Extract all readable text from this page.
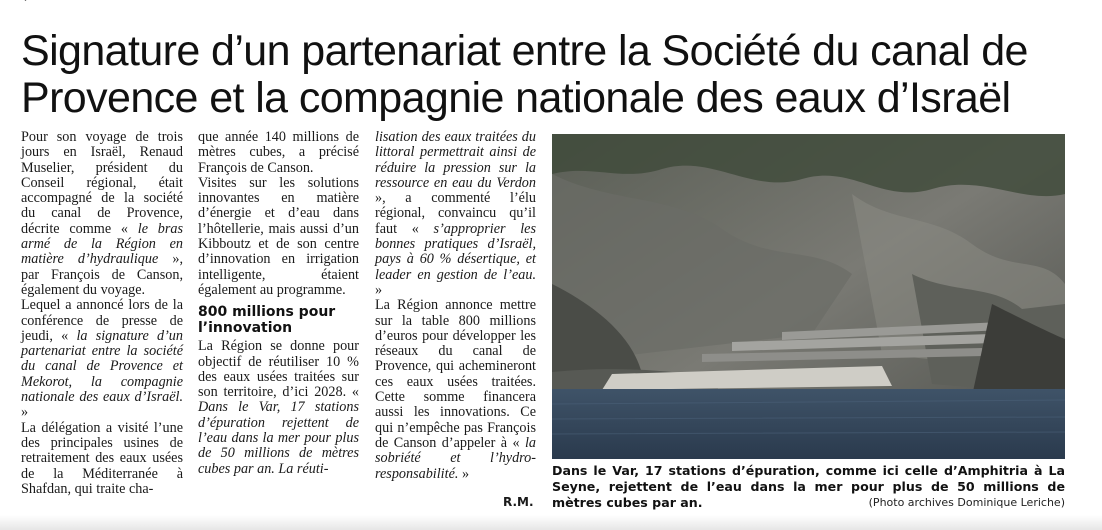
Signature d’un partenariat entre la Société du canal de Provence et la compagnie nationale des eaux d’Israël

Pour son voyage de trois jours en Israël, Renaud Muselier, président du Conseil régional, était accompagné de la société du canal de Provence, décrite comme « le bras armé de la Région en matière d’hydraulique », par François de Canson, également du voyage.

Lequel a annoncé lors de la conférence de presse de jeudi, « la signature d’un partenariat entre la société du canal de Provence et Mekorot, la compagnie nationale des eaux d’Israël. »

La délégation a visité l’une des principales usines de retraitement des eaux usées de la Méditerranée à Shafdan, qui traite cha-

que année 140 millions de mètres cubes, a précisé François de Canson.

Visites sur les solutions innovantes en matière d’énergie et d’eau dans l’hôtellerie, mais aussi d’un Kibboutz et de son centre d’innovation en irrigation intelligente, étaient également au programme.

800 millions pour l’innovation

La Région se donne pour objectif de réutiliser 10 % des eaux usées traitées sur son territoire, d’ici 2028. « Dans le Var, 17 stations d’épuration rejettent de l’eau dans la mer pour plus de 50 millions de mètres cubes par an. La réuti-

lisation des eaux traitées du littoral permettrait ainsi de réduire la pression sur la ressource en eau du Verdon », a commenté l’élu régional, convaincu qu’il faut « s’approprier les bonnes pratiques d’Israël, pays à 60 % désertique, et leader en gestion de l’eau. »

La Région annonce mettre sur la table 800 millions d’euros pour développer les réseaux du canal de Provence, qui achemineront ces eaux usées traitées. Cette somme financera aussi les innovations. Ce qui n’empêche pas François de Canson d’appeler à « la sobriété et l’hydro-responsabilité. »

R.M.
Dans le Var, 17 stations d’épuration, comme ici celle d’Amphitria à La Seyne, rejettent de l’eau dans la mer pour plus de 50 millions de mètres cubes par an.	(Photo archives Dominique Leriche)
